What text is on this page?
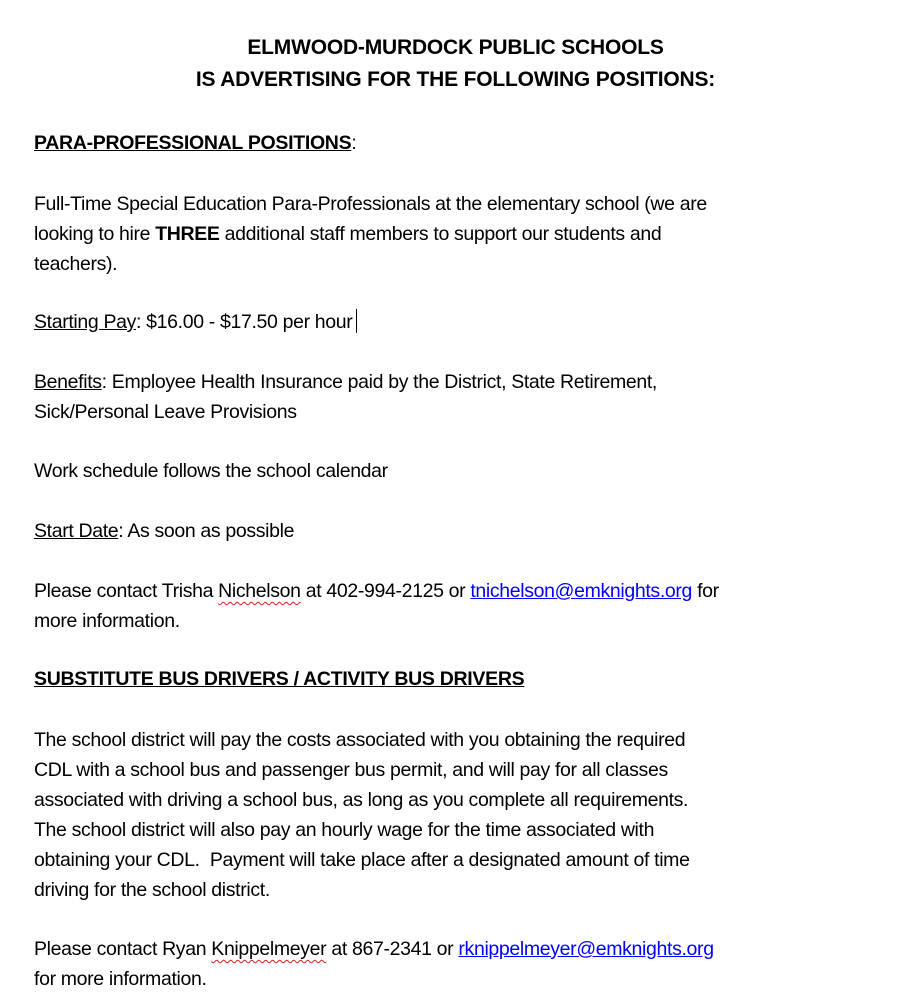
ELMWOOD-MURDOCK PUBLIC SCHOOLS
IS ADVERTISING FOR THE FOLLOWING POSITIONS:
PARA-PROFESSIONAL POSITIONS:
Full-Time Special Education Para-Professionals at the elementary school (we are
looking to hire THREE additional staff members to support our students and
teachers).
Starting Pay: $16.00 - $17.50 per hour
Benefits: Employee Health Insurance paid by the District, State Retirement,
Sick/Personal Leave Provisions
Work schedule follows the school calendar
Start Date: As soon as possible
Please contact Trisha Nichelson at 402-994-2125 or tnichelson@emknights.org for
more information.
SUBSTITUTE BUS DRIVERS / ACTIVITY BUS DRIVERS
The school district will pay the costs associated with you obtaining the required
CDL with a school bus and passenger bus permit, and will pay for all classes
associated with driving a school bus, as long as you complete all requirements.
The school district will also pay an hourly wage for the time associated with
obtaining your CDL.  Payment will take place after a designated amount of time
driving for the school district.
Please contact Ryan Knippelmeyer at 867-2341 or rknippelmeyer@emknights.org
for more information.
